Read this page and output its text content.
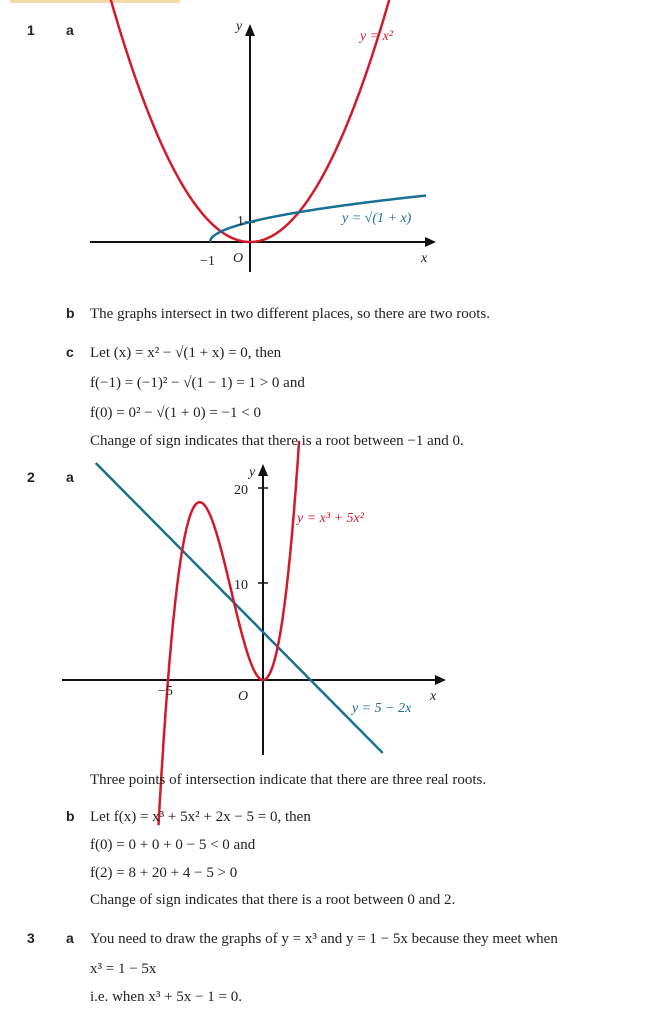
1 a	y
x
O
−1
1
y = x²
y = √(1 + x)
y
x
O
20
10
−5
y = x³ + 5x²
y = 5 − 2x
b The graphs intersect in two different places, so there are two roots.
c Let (x) = x² − √(1 + x) = 0, then
f(−1) = (−1)² − √(1 − 1) = 1 > 0 and
f(0) = 0² − √(1 + 0) = −1 < 0
Change of sign indicates that there is a root between −1 and 0.
2 a
Three points of intersection indicate that there are three real roots.
b Let f(x) = x³ + 5x² + 2x − 5 = 0, then
f(0) = 0 + 0 + 0 − 5 < 0 and
f(2) = 8 + 20 + 4 − 5 > 0
Change of sign indicates that there is a root between 0 and 2.
3 a You need to draw the graphs of y = x³ and y = 1 − 5x because they meet when
x³ = 1 − 5x
i.e. when x³ + 5x − 1 = 0.
